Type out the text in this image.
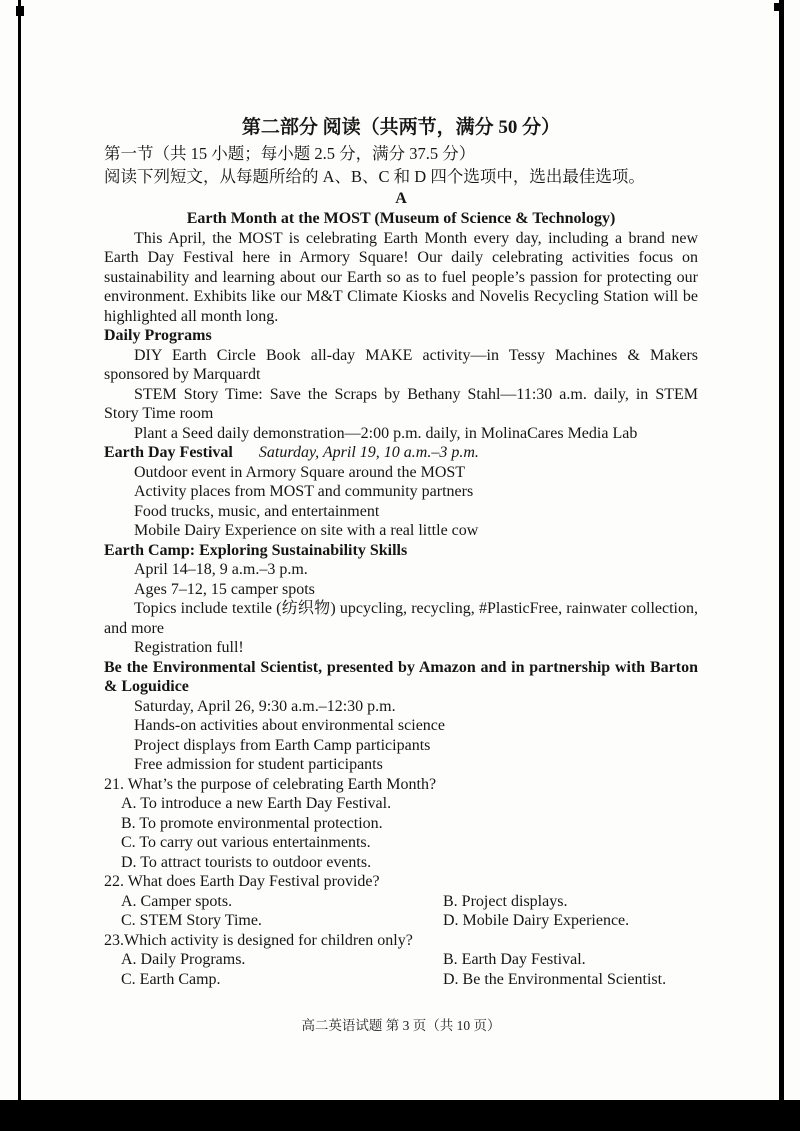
第二部分 阅读（共两节，满分 50 分）

第一节（共 15 小题；每小题 2.5 分，满分 37.5 分）

阅读下列短文，从每题所给的 A、B、C 和 D 四个选项中，选出最佳选项。

A

Earth Month at the MOST (Museum of Science & Technology)

This April, the MOST is celebrating Earth Month every day, including a brand new Earth Day Festival here in Armory Square! Our daily celebrating activities focus on sustainability and learning about our Earth so as to fuel people’s passion for protecting our environment. Exhibits like our M&T Climate Kiosks and Novelis Recycling Station will be highlighted all month long.

Daily Programs

DIY Earth Circle Book all-day MAKE activity—in Tessy Machines & Makers sponsored by Marquardt

STEM Story Time: Save the Scraps by Bethany Stahl—11:30 a.m. daily, in STEM Story Time room

Plant a Seed daily demonstration—2:00 p.m. daily, in MolinaCares Media Lab

Earth Day Festival Saturday, April 19, 10 a.m.–3 p.m.

Outdoor event in Armory Square around the MOST

Activity places from MOST and community partners

Food trucks, music, and entertainment

Mobile Dairy Experience on site with a real little cow

Earth Camp: Exploring Sustainability Skills

April 14–18, 9 a.m.–3 p.m.

Ages 7–12, 15 camper spots

Topics include textile (纺织物) upcycling, recycling, #PlasticFree, rainwater collection, and more

Registration full!

Be the Environmental Scientist, presented by Amazon and in partnership with Barton & Loguidice

Saturday, April 26, 9:30 a.m.–12:30 p.m.

Hands-on activities about environmental science

Project displays from Earth Camp participants

Free admission for student participants

21. What’s the purpose of celebrating Earth Month?

A. To introduce a new Earth Day Festival.

B. To promote environmental protection.

C. To carry out various entertainments.

D. To attract tourists to outdoor events.

22. What does Earth Day Festival provide?

A. Camper spots.	B. Project displays.
C. STEM Story Time.	D. Mobile Dairy Experience.

23.Which activity is designed for children only?

A. Daily Programs.	B. Earth Day Festival.
C. Earth Camp.	D. Be the Environmental Scientist.
高二英语试题 第 3 页（共 10 页）
